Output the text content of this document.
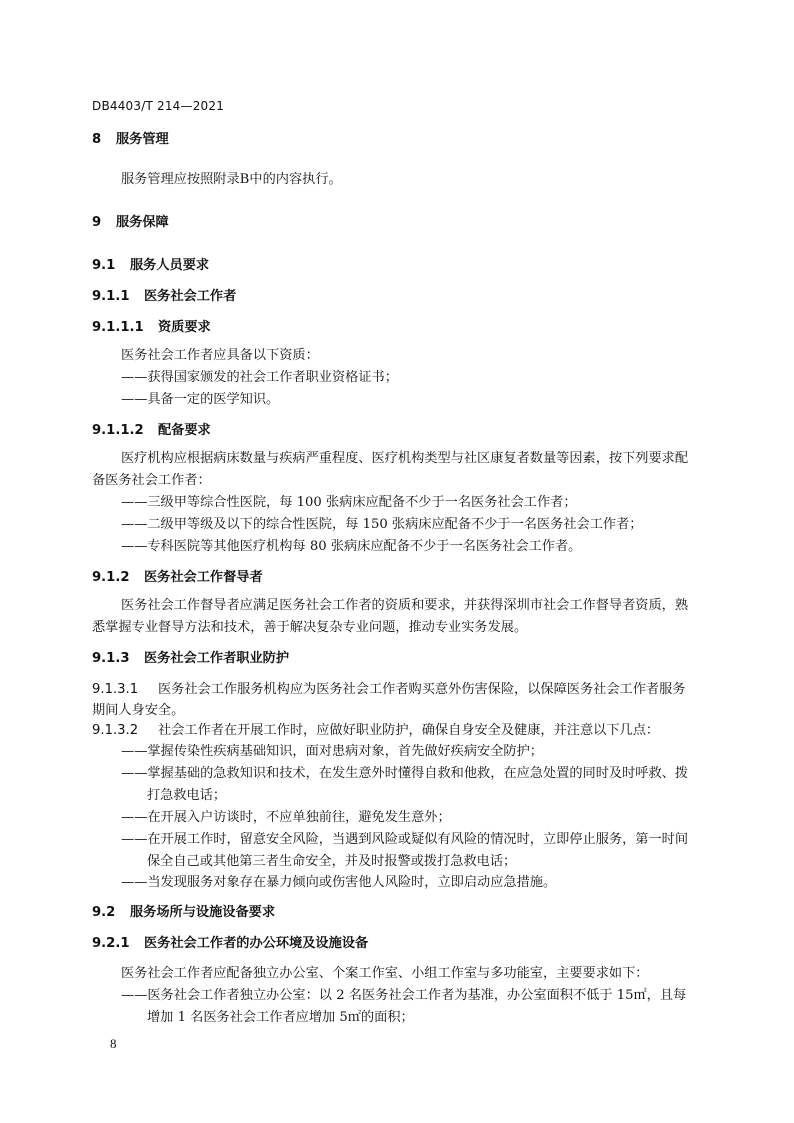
DB4403/T 214—2021
8 服务管理
服务管理应按照附录B中的内容执行。
9 服务保障
9.1 服务人员要求
9.1.1 医务社会工作者
9.1.1.1 资质要求
医务社会工作者应具备以下资质：
——获得国家颁发的社会工作者职业资格证书；
——具备一定的医学知识。
9.1.1.2 配备要求
医疗机构应根据病床数量与疾病严重程度、医疗机构类型与社区康复者数量等因素，按下列要求配
备医务社会工作者：
——三级甲等综合性医院，每 100 张病床应配备不少于一名医务社会工作者；
——二级甲等级及以下的综合性医院，每 150 张病床应配备不少于一名医务社会工作者；
——专科医院等其他医疗机构每 80 张病床应配备不少于一名医务社会工作者。
9.1.2 医务社会工作督导者
医务社会工作督导者应满足医务社会工作者的资质和要求，并获得深圳市社会工作督导者资质，熟
悉掌握专业督导方法和技术，善于解决复杂专业问题，推动专业实务发展。
9.1.3 医务社会工作者职业防护
9.1.3.1 医务社会工作服务机构应为医务社会工作者购买意外伤害保险，以保障医务社会工作者服务
期间人身安全。
9.1.3.2 社会工作者在开展工作时，应做好职业防护，确保自身安全及健康，并注意以下几点：
——掌握传染性疾病基础知识，面对患病对象，首先做好疾病安全防护；
——掌握基础的急救知识和技术，在发生意外时懂得自救和他救，在应急处置的同时及时呼救、拨
打急救电话；
——在开展入户访谈时，不应单独前往，避免发生意外；
——在开展工作时，留意安全风险，当遇到风险或疑似有风险的情况时，立即停止服务，第一时间
保全自己或其他第三者生命安全，并及时报警或拨打急救电话；
——当发现服务对象存在暴力倾向或伤害他人风险时，立即启动应急措施。
9.2 服务场所与设施设备要求
9.2.1 医务社会工作者的办公环境及设施设备
医务社会工作者应配备独立办公室、个案工作室、小组工作室与多功能室，主要要求如下：
——医务社会工作者独立办公室：以 2 名医务社会工作者为基准，办公室面积不低于 15㎡，且每
增加 1 名医务社会工作者应增加 5㎡的面积；
8
